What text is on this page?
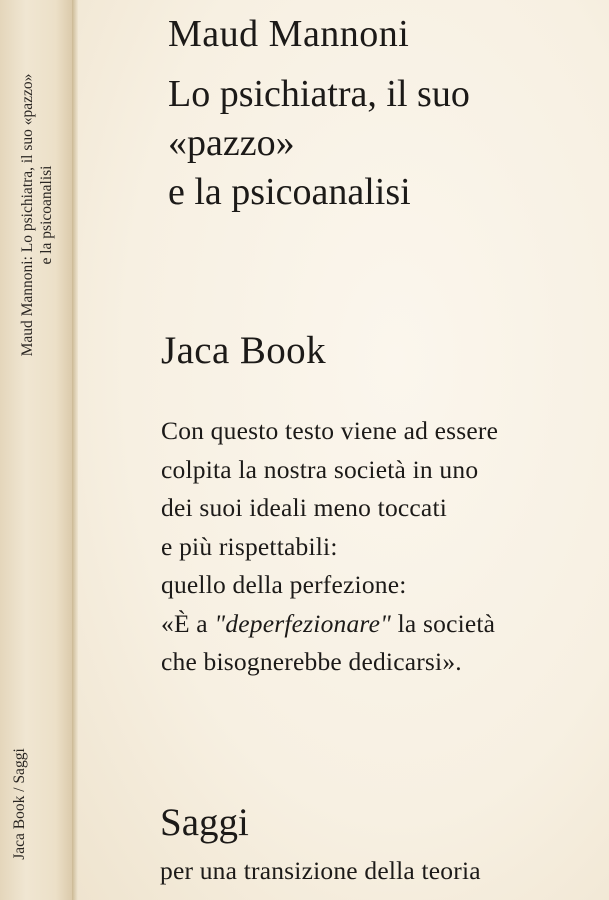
Maud Mannoni: Lo psichiatra, il suo «pazzo» e la psicoanalisi
Jaca Book / Saggi
Maud Mannoni
Lo psichiatra, il suo
«pazzo»
e la psicoanalisi
Jaca Book
Con questo testo viene ad essere
colpita la nostra società in uno
dei suoi ideali meno toccati
e più rispettabili:
quello della perfezione:
«È a "deperfezionare" la società
che bisognerebbe dedicarsi».
Saggi
per una transizione della teoria
